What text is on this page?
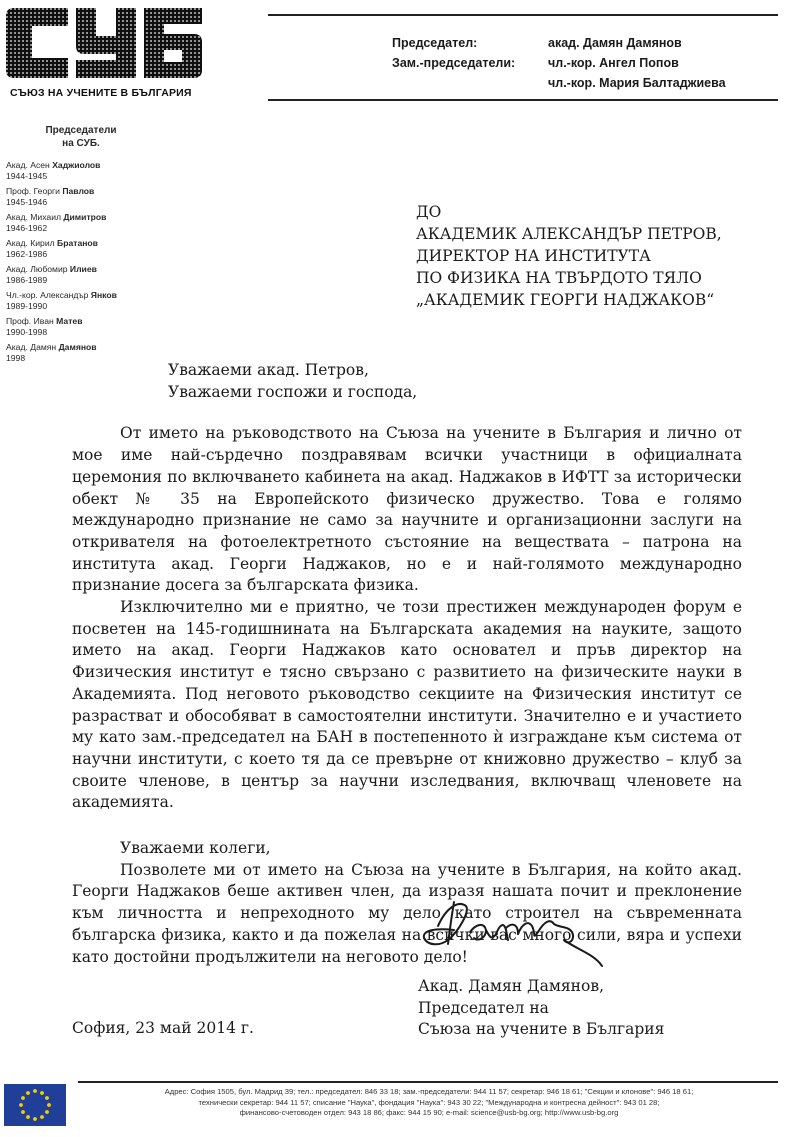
СЪЮЗ НА УЧЕНИТЕ В БЪЛГАРИЯ
Председател:	акад. Дамян Дамянов
Зам.-председатели:	чл.-кор. Ангел Попов
чл.-кор. Мария Балтаджиева
Председатели
на СУБ.
Акад. Асен Хаджиолов
1944-1945
Проф. Георги Павлов
1945-1946
Акад. Михаил Димитров
1946-1962
Акад. Кирил Братанов
1962-1986
Акад. Любомир Илиев
1986-1989
Чл.-кор. Александър Янков
1989-1990
Проф. Иван Матев
1990-1998
Акад. Дамян Дамянов
1998
ДО
АКАДЕМИК АЛЕКСАНДЪР ПЕТРОВ,
ДИРЕКТОР НА ИНСТИТУТА
ПО ФИЗИКА НА ТВЪРДОТО ТЯЛО
„АКАДЕМИК ГЕОРГИ НАДЖАКОВ“
Уважаеми акад. Петров,
Уважаеми госпожи и господа,

От името на ръководството на Съюза на учените в България и лично от мое име най-сърдечно поздравявам всички участници в официалната церемония по включването кабинета на акад. Наджаков в ИФТТ за исторически обект № 35 на Европейското физическо дружество. Това е голямо международно признание не само за научните и организационни заслуги на откривателя на фотоелектретното състояние на веществата – патрона на института акад. Георги Наджаков, но е и най-голямото международно признание досега за българската физика.

Изключително ми е приятно, че този престижен международен форум е посветен на 145-годишнината на Българската академия на науките, защото името на акад. Георги Наджаков като основател и пръв директор на Физическия институт е тясно свързано с развитието на физическите науки в Академията. Под неговото ръководство секциите на Физическия институт се разрастват и обособяват в самостоятелни институти. Значително е и участието му като зам.-председател на БАН в постепенното ѝ изграждане към система от научни институти, с което тя да се превърне от книжовно дружество – клуб за своите членове, в център за научни изследвания, включващ членовете на академията.

Уважаеми колеги,

Позволете ми от името на Съюза на учените в България, на който акад. Георги Наджаков беше активен член, да изразя нашата почит и преклонение към личността и непреходното му дело като строител на съвременната българска физика, както и да пожелая на всички вас много сили, вяра и успехи като достойни продължители на неговото дело!

Акад. Дамян Дамянов,
Председател на
Съюза на учените в България
София, 23 май 2014 г.
Адрес: София 1505, бул. Мадрид 39; тел.: председател: 846 33 18; зам.-председатели: 944 11 57; секретар: 946 18 61; "Секции и клонове": 946 18 61;
технически секретар: 944 11 57; списание "Наука", фондация "Наука": 943 30 22; "Международна и контресна дейност": 943 01 28;
финансово-счетоводен отдел: 943 18 86; факс: 944 15 90; e-mail: science@usb-bg.org; http://www.usb-bg.org
